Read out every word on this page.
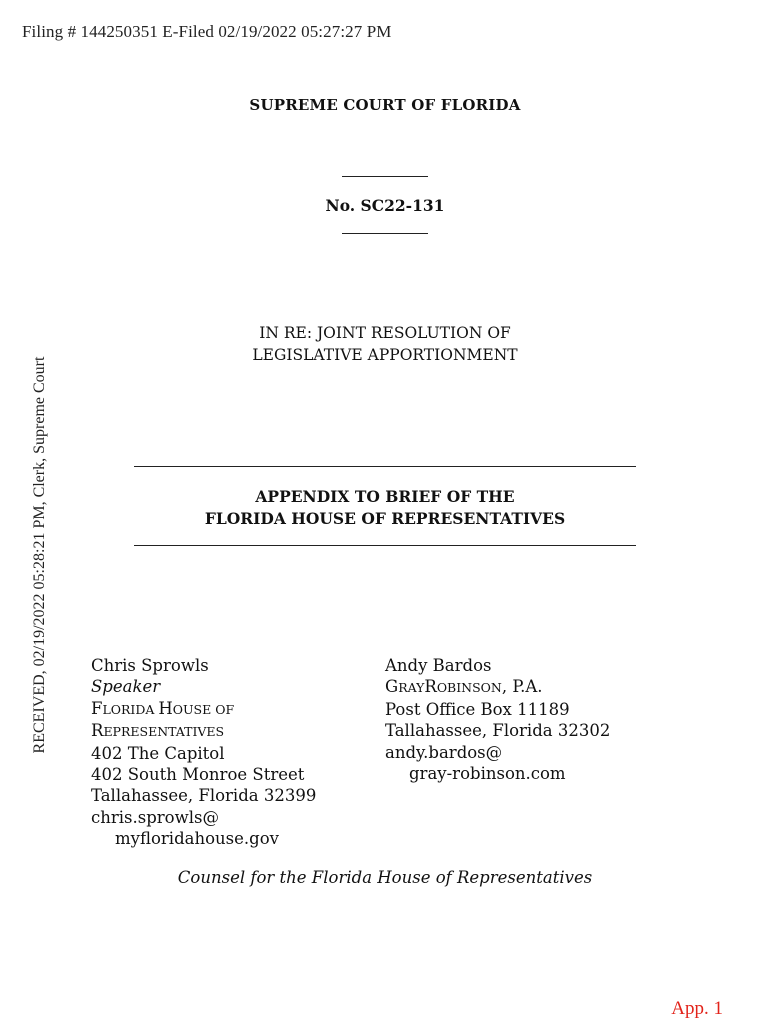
Filing # 144250351 E-Filed 02/19/2022 05:27:27 PM
RECEIVED, 02/19/2022 05:28:21 PM, Clerk, Supreme Court
SUPREME COURT OF FLORIDA
No. SC22-131
IN RE: JOINT RESOLUTION OF
LEGISLATIVE APPORTIONMENT
APPENDIX TO BRIEF OF THE
FLORIDA HOUSE OF REPRESENTATIVES
Chris Sprowls
Speaker
FLORIDA HOUSE OF
REPRESENTATIVES
402 The Capitol
402 South Monroe Street
Tallahassee, Florida 32399
chris.sprowls@
myfloridahouse.gov
Andy Bardos
GRAYROBINSON, P.A.
Post Office Box 11189
Tallahassee, Florida 32302
andy.bardos@
gray-robinson.com
Counsel for the Florida House of Representatives
App. 1
